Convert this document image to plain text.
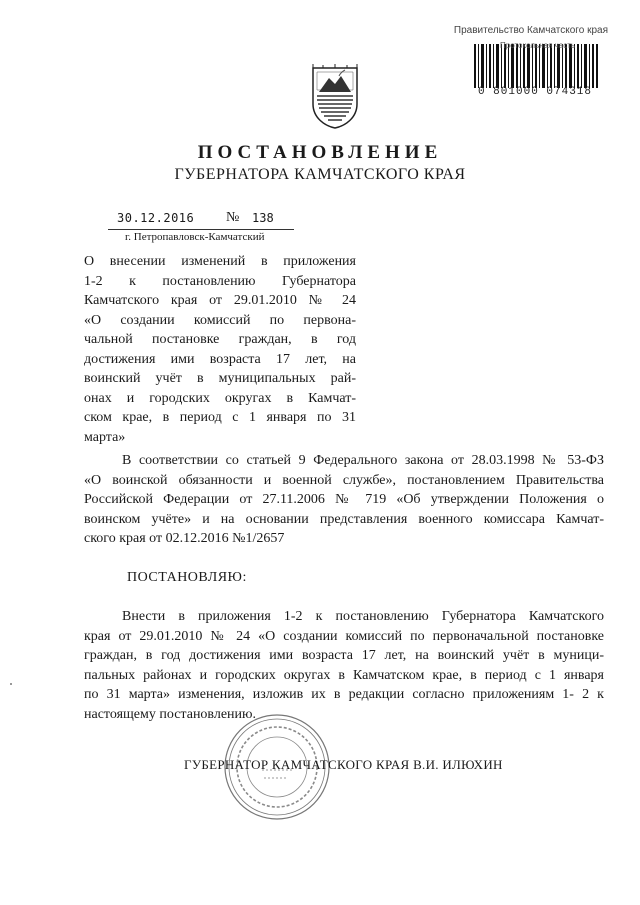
Правительство Камчатского края
Протокольная часть
0 801000 074318
ПОСТАНОВЛЕНИЕ
ГУБЕРНАТОРА КАМЧАТСКОГО КРАЯ
30.12.2016 № 138
г. Петропавловск-Камчатский
О внесении изменений в приложения
1-2 к постановлению Губернатора
Камчатского края от 29.01.2010 № 24
«О создании комиссий по первона-
чальной постановке граждан, в год
достижения ими возраста 17 лет, на
воинский учёт в муниципальных рай-
онах и городских округах в Камчат-
ском крае, в период с 1 января по 31
марта»
В соответствии со статьей 9 Федерального закона от 28.03.1998 № 53-ФЗ
«О воинской обязанности и военной службе», постановлением Правительства
Российской Федерации от 27.11.2006 № 719 «Об утверждении Положения о
воинском учёте» и на основании представления военного комиссара Камчат-
ского края от 02.12.2016 №1/2657
ПОСТАНОВЛЯЮ:
Внести в приложения 1-2 к постановлению Губернатора Камчатского
края от 29.01.2010 № 24 «О создании комиссий по первоначальной постановке
граждан, в год достижения ими возраста 17 лет, на воинский учёт в муници-
пальных районах и городских округах в Камчатском крае, в период с 1 января
по 31 марта» изменения, изложив их в редакции согласно приложениям 1- 2 к
настоящему постановлению.
ГУБЕРНАТОР КАМЧАТСКОГО КРАЯ В.И. ИЛЮХИН
